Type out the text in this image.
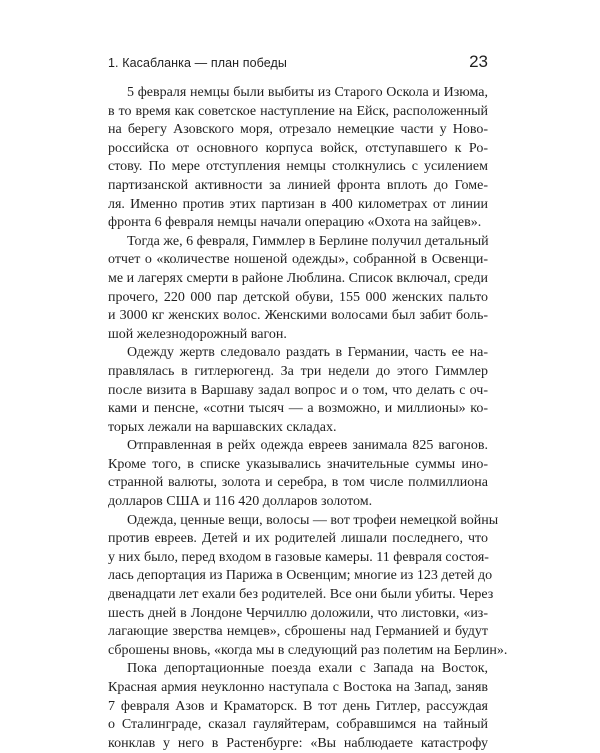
1. Касабланка — план победы	23
5 февраля немцы были выбиты из Старого Оскола и Изюма,
в то время как советское наступление на Ейск, расположенный
на берегу Азовского моря, отрезало немецкие части у Ново-
российска от основного корпуса войск, отступавшего к Ро-
стову. По мере отступления немцы столкнулись с усилением
партизанской активности за линией фронта вплоть до Гоме-
ля. Именно против этих партизан в 400 километрах от линии
фронта 6 февраля немцы начали операцию «Охота на зайцев».
Тогда же, 6 февраля, Гиммлер в Берлине получил детальный
отчет о «количестве ношеной одежды», собранной в Освенци-
ме и лагерях смерти в районе Люблина. Список включал, среди
прочего, 220 000 пар детской обуви, 155 000 женских пальто
и 3000 кг женских волос. Женскими волосами был забит боль-
шой железнодорожный вагон.
Одежду жертв следовало раздать в Германии, часть ее на-
правлялась в гитлерюгенд. За три недели до этого Гиммлер
после визита в Варшаву задал вопрос и о том, что делать с оч-
ками и пенсне, «сотни тысяч — а возможно, и миллионы» ко-
торых лежали на варшавских складах.
Отправленная в рейх одежда евреев занимала 825 вагонов.
Кроме того, в списке указывались значительные суммы ино-
странной валюты, золота и серебра, в том числе полмиллиона
долларов США и 116 420 долларов золотом.
Одежда, ценные вещи, волосы — вот трофеи немецкой войны
против евреев. Детей и их родителей лишали последнего, что
у них было, перед входом в газовые камеры. 11 февраля состоя-
лась депортация из Парижа в Освенцим; многие из 123 детей до
двенадцати лет ехали без родителей. Все они были убиты. Через
шесть дней в Лондоне Черчиллю доложили, что листовки, «из-
лагающие зверства немцев», сброшены над Германией и будут
сброшены вновь, «когда мы в следующий раз полетим на Берлин».
Пока депортационные поезда ехали с Запада на Восток,
Красная армия неуклонно наступала с Востока на Запад, заняв
7 февраля Азов и Краматорск. В тот день Гитлер, рассуждая
о Сталинграде, сказал гауляйтерам, собравшимся на тайный
конклав у него в Растенбурге: «Вы наблюдаете катастрофу
